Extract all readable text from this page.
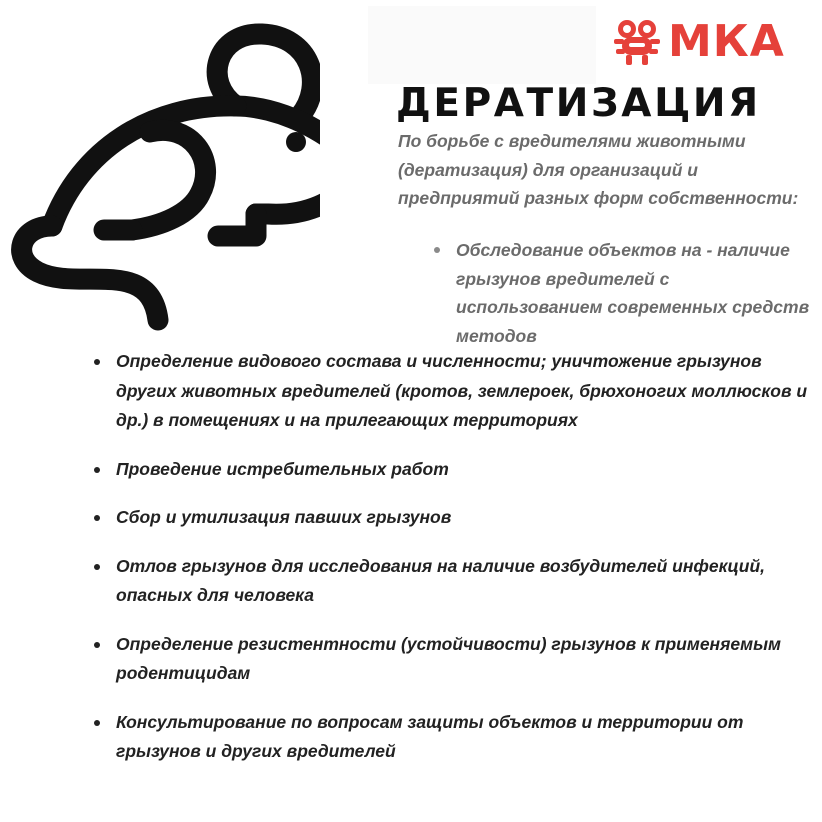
МКА
ДЕРАТИЗАЦИЯ

По борьбе с вредителями животными (дератизация) для организаций и предприятий разных форм собственности:

Обследование объектов на - наличие грызунов вредителей с использованием современных средств методов
Определение видового состава и численности; уничтожение грызунов других животных вредителей (кротов, землероек, брюхоногих моллюсков и др.) в помещениях и на прилегающих территориях
Проведение истребительных работ
Сбор и утилизация павших грызунов
Отлов грызунов для исследования на наличие возбудителей инфекций, опасных для человека
Определение резистентности (устойчивости) грызунов к применяемым родентицидам
Консультирование по вопросам защиты объектов и территории от грызунов и других вредителей
